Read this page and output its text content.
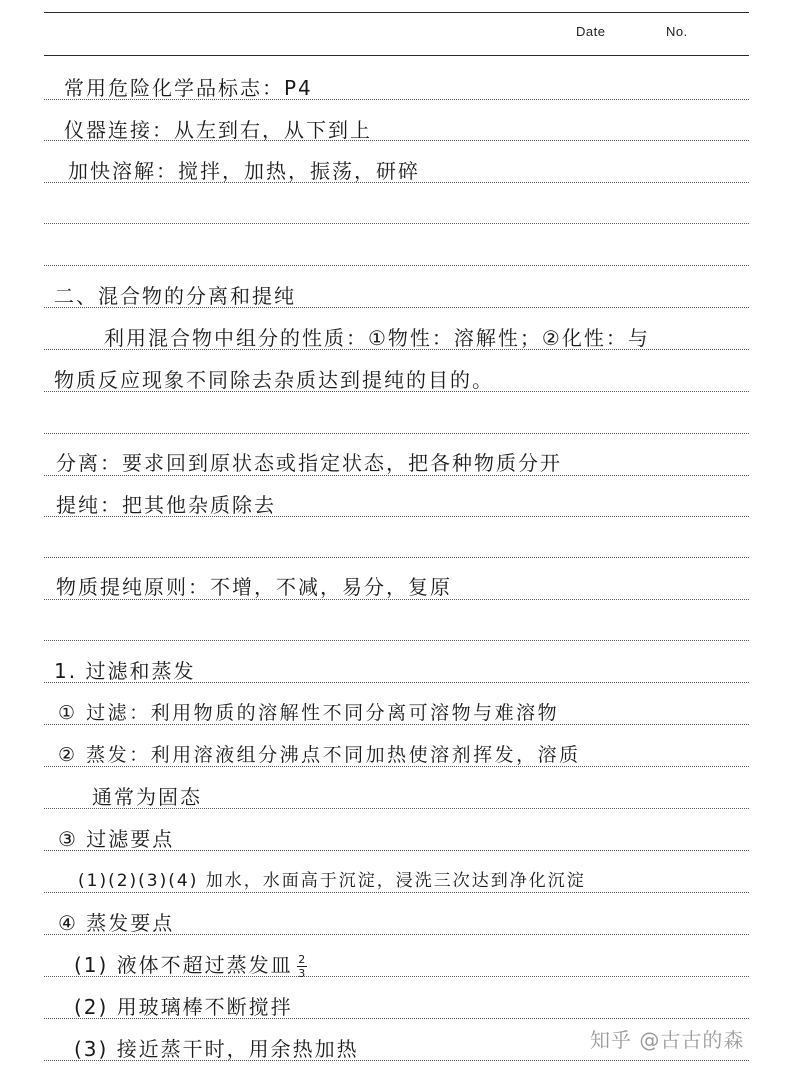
Date	No.
常用危险化学品标志：P4
仪器连接：从左到右，从下到上
加快溶解：搅拌，加热，振荡，研碎
二、混合物的分离和提纯
利用混合物中组分的性质：①物性：溶解性；②化性：与
物质反应现象不同除去杂质达到提纯的目的。
分离：要求回到原状态或指定状态，把各种物质分开
提纯：把其他杂质除去
物质提纯原则：不增，不减，易分，复原
1. 过滤和蒸发
① 过滤：利用物质的溶解性不同分离可溶物与难溶物
② 蒸发：利用溶液组分沸点不同加热使溶剂挥发，溶质
通常为固态
③ 过滤要点
(1)(2)(3)(4) 加水，水面高于沉淀，浸洗三次达到净化沉淀
④ 蒸发要点
(1) 液体不超过蒸发皿 $\frac{2}{3}$
(2) 用玻璃棒不断搅拌
(3) 接近蒸干时，用余热加热	知乎 @古古的森
